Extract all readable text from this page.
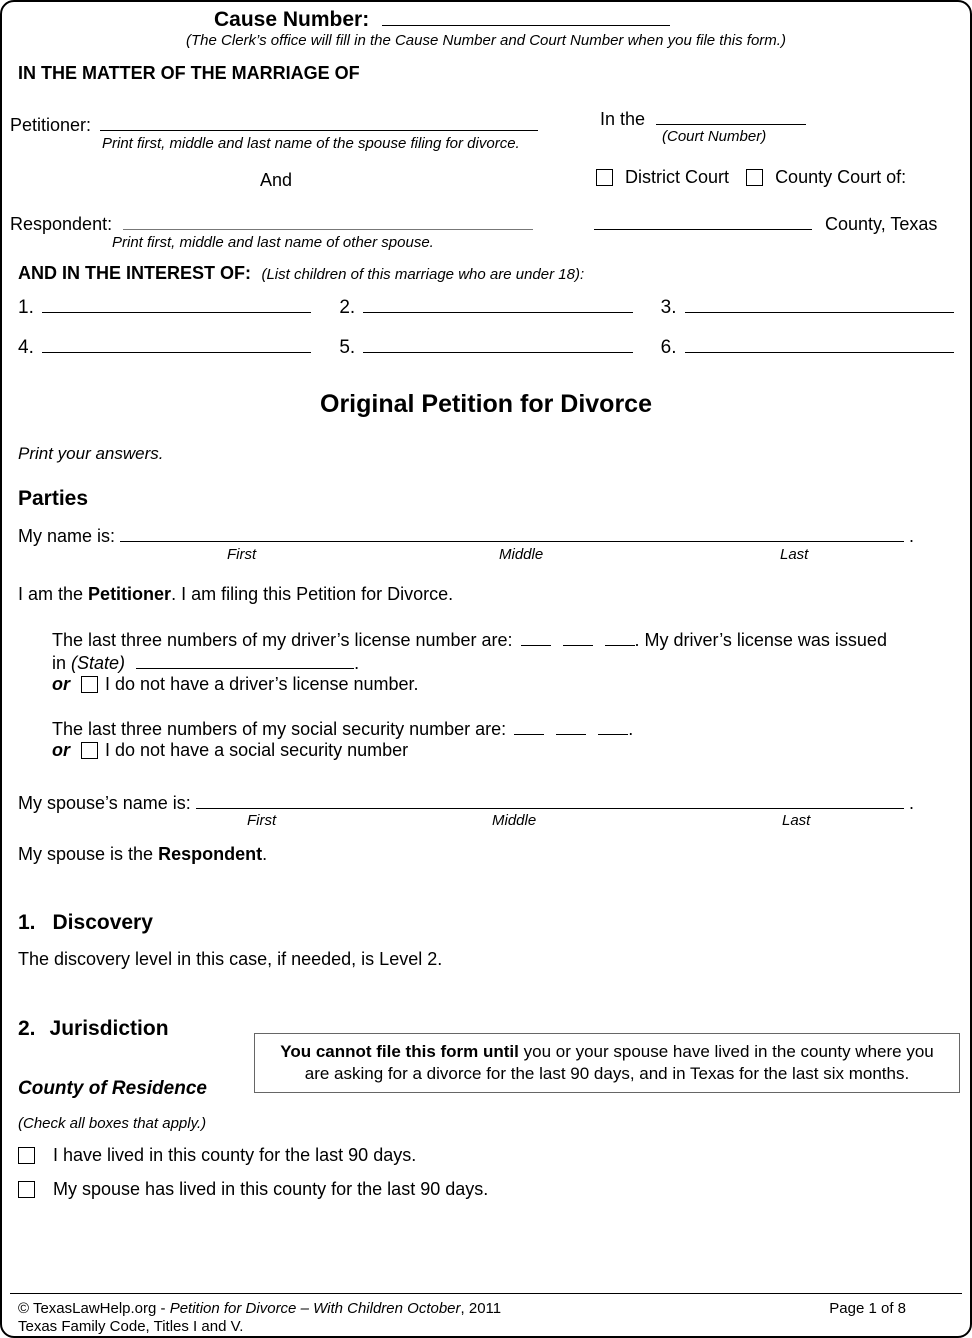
Cause Number:
(The Clerk’s office will fill in the Cause Number and Court Number when you file this form.)
IN THE MATTER OF THE MARRIAGE OF
Petitioner:
Print first, middle and last name of the spouse filing for divorce.
In the
(Court Number)
And	District Court	County Court of:
Respondent:	County, Texas
Print first, middle and last name of other spouse.
AND IN THE INTEREST OF: (List children of this marriage who are under 18):
1.	2.	3.
4.	5.	6.
Original Petition for Divorce
Print your answers.
Parties
My name is:	.
First	Middle	Last
I am the Petitioner. I am filing this Petition for Divorce.
The last three numbers of my driver’s license number are:	. My driver’s license was issued
in (State)	.
or I do not have a driver’s license number.
The last three numbers of my social security number are:	.
or I do not have a social security number
My spouse’s name is:	.
First	Middle	Last
My spouse is the Respondent.
1. Discovery
The discovery level in this case, if needed, is Level 2.
2. Jurisdiction
You cannot file this form until you or your spouse have lived in the county where you are asking for a divorce for the last 90 days, and in Texas for the last six months.
County of Residence
(Check all boxes that apply.)
I have lived in this county for the last 90 days.
My spouse has lived in this county for the last 90 days.
© TexasLawHelp.org - Petition for Divorce – With Children October, 2011	Page 1 of 8
Texas Family Code, Titles I and V.
